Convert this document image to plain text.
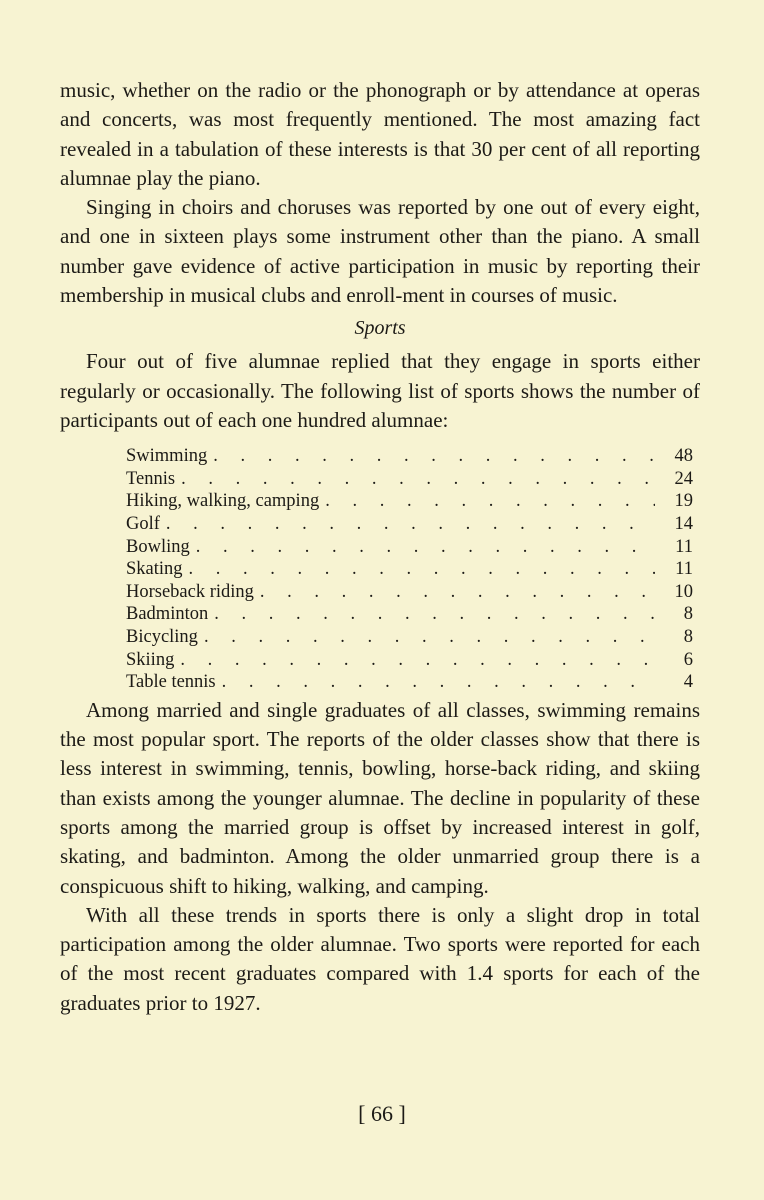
music, whether on the radio or the phonograph or by attendance at operas and concerts, was most frequently mentioned. The most amazing fact revealed in a tabulation of these interests is that 30 per cent of all reporting alumnae play the piano.

Singing in choirs and choruses was reported by one out of every eight, and one in sixteen plays some instrument other than the piano. A small number gave evidence of active participation in music by reporting their membership in musical clubs and enroll-ment in courses of music.

Sports

Four out of five alumnae replied that they engage in sports either regularly or occasionally. The following list of sports shows the number of participants out of each one hundred alumnae:

Swimming . . .	48
Tennis . . .	24
Hiking, walking, camping . . .	19
Golf . . .	14
Bowling . . .	11
Skating . . .	11
Horseback riding . . .	10
Badminton . . .	8
Bicycling . . .	8
Skiing . . .	6
Table tennis . . .	4

Among married and single graduates of all classes, swimming remains the most popular sport. The reports of the older classes show that there is less interest in swimming, tennis, bowling, horse-back riding, and skiing than exists among the younger alumnae. The decline in popularity of these sports among the married group is offset by increased interest in golf, skating, and badminton. Among the older unmarried group there is a conspicuous shift to hiking, walking, and camping.

With all these trends in sports there is only a slight drop in total participation among the older alumnae. Two sports were reported for each of the most recent graduates compared with 1.4 sports for each of the graduates prior to 1927.

[ 66 ]
